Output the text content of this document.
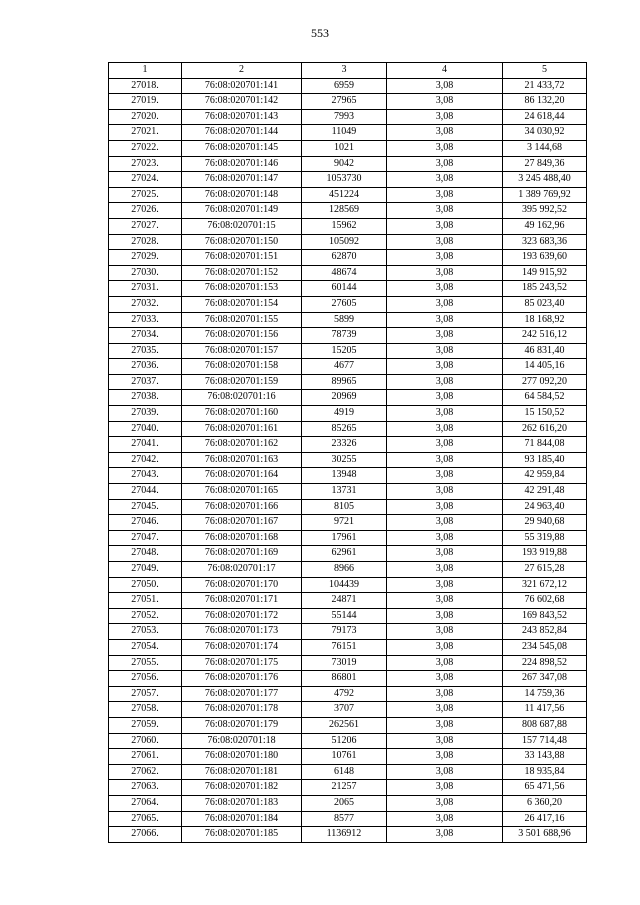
553
1	2	3	4	5
27018.	76:08:020701:141	6959	3,08	21 433,72
27019.	76:08:020701:142	27965	3,08	86 132,20
27020.	76:08:020701:143	7993	3,08	24 618,44
27021.	76:08:020701:144	11049	3,08	34 030,92
27022.	76:08:020701:145	1021	3,08	3 144,68
27023.	76:08:020701:146	9042	3,08	27 849,36
27024.	76:08:020701:147	1053730	3,08	3 245 488,40
27025.	76:08:020701:148	451224	3,08	1 389 769,92
27026.	76:08:020701:149	128569	3,08	395 992,52
27027.	76:08:020701:15	15962	3,08	49 162,96
27028.	76:08:020701:150	105092	3,08	323 683,36
27029.	76:08:020701:151	62870	3,08	193 639,60
27030.	76:08:020701:152	48674	3,08	149 915,92
27031.	76:08:020701:153	60144	3,08	185 243,52
27032.	76:08:020701:154	27605	3,08	85 023,40
27033.	76:08:020701:155	5899	3,08	18 168,92
27034.	76:08:020701:156	78739	3,08	242 516,12
27035.	76:08:020701:157	15205	3,08	46 831,40
27036.	76:08:020701:158	4677	3,08	14 405,16
27037.	76:08:020701:159	89965	3,08	277 092,20
27038.	76:08:020701:16	20969	3,08	64 584,52
27039.	76:08:020701:160	4919	3,08	15 150,52
27040.	76:08:020701:161	85265	3,08	262 616,20
27041.	76:08:020701:162	23326	3,08	71 844,08
27042.	76:08:020701:163	30255	3,08	93 185,40
27043.	76:08:020701:164	13948	3,08	42 959,84
27044.	76:08:020701:165	13731	3,08	42 291,48
27045.	76:08:020701:166	8105	3,08	24 963,40
27046.	76:08:020701:167	9721	3,08	29 940,68
27047.	76:08:020701:168	17961	3,08	55 319,88
27048.	76:08:020701:169	62961	3,08	193 919,88
27049.	76:08:020701:17	8966	3,08	27 615,28
27050.	76:08:020701:170	104439	3,08	321 672,12
27051.	76:08:020701:171	24871	3,08	76 602,68
27052.	76:08:020701:172	55144	3,08	169 843,52
27053.	76:08:020701:173	79173	3,08	243 852,84
27054.	76:08:020701:174	76151	3,08	234 545,08
27055.	76:08:020701:175	73019	3,08	224 898,52
27056.	76:08:020701:176	86801	3,08	267 347,08
27057.	76:08:020701:177	4792	3,08	14 759,36
27058.	76:08:020701:178	3707	3,08	11 417,56
27059.	76:08:020701:179	262561	3,08	808 687,88
27060.	76:08:020701:18	51206	3,08	157 714,48
27061.	76:08:020701:180	10761	3,08	33 143,88
27062.	76:08:020701:181	6148	3,08	18 935,84
27063.	76:08:020701:182	21257	3,08	65 471,56
27064.	76:08:020701:183	2065	3,08	6 360,20
27065.	76:08:020701:184	8577	3,08	26 417,16
27066.	76:08:020701:185	1136912	3,08	3 501 688,96
